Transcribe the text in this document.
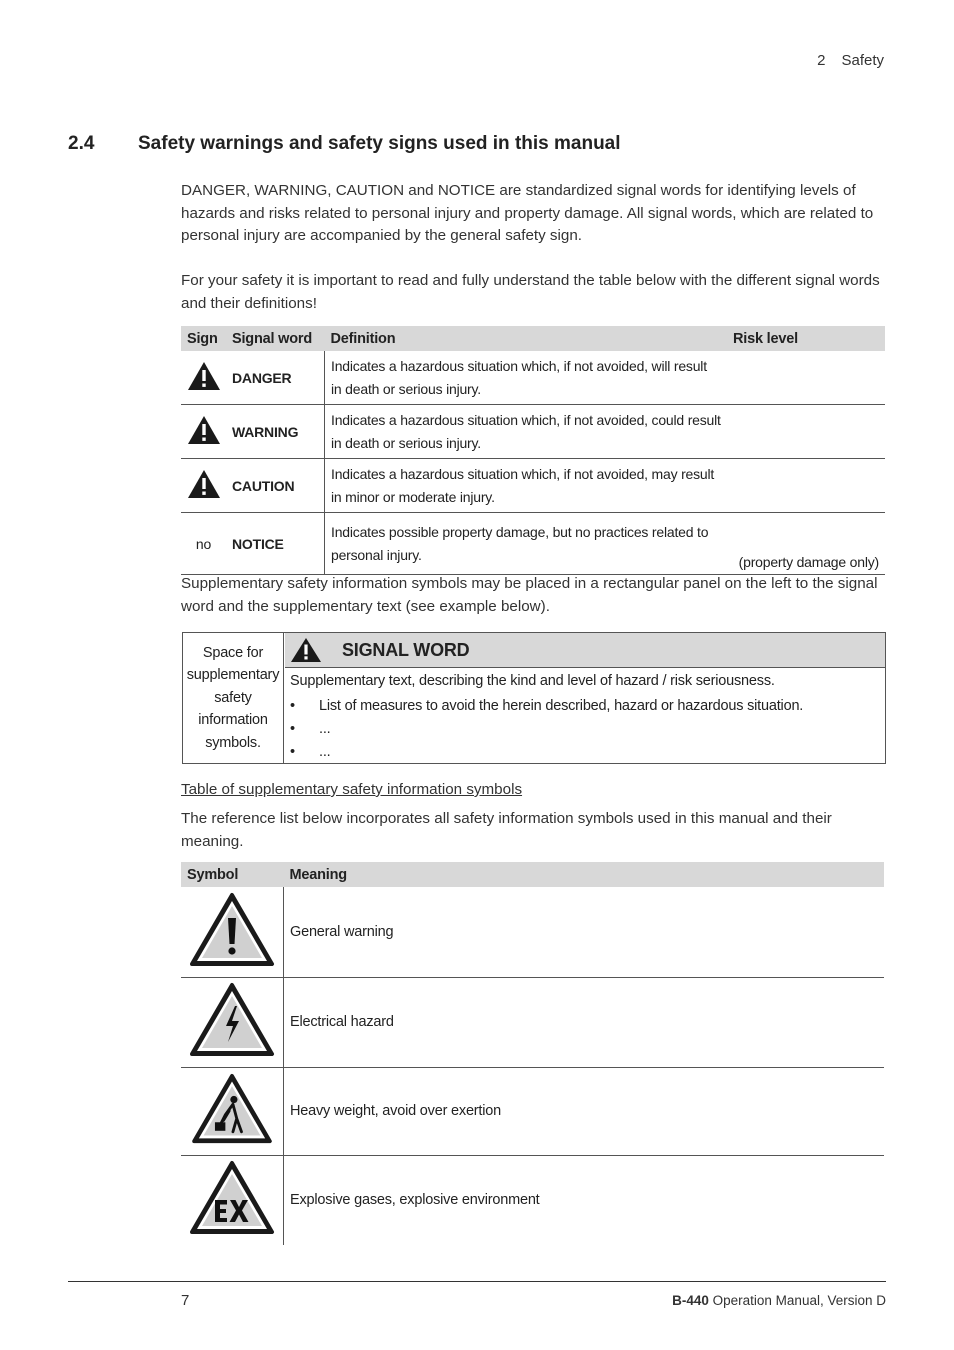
2 Safety
2.4 Safety warnings and safety signs used in this manual
DANGER, WARNING, CAUTION and NOTICE are standardized signal words for identifying levels of hazards and risks related to personal injury and property damage. All signal words, which are related to personal injury are accompanied by the general safety sign.
For your safety it is important to read and fully understand the table below with the different signal words and their definitions!
Sign	Signal word	Definition	Risk level
	DANGER	Indicates a hazardous situation which, if not avoided, will result in death or serious injury.	
	WARNING	Indicates a hazardous situation which, if not avoided, could result in death or serious injury.	
	CAUTION	Indicates a hazardous situation which, if not avoided, may result in minor or moderate injury.	
no	NOTICE	Indicates possible property damage, but no practices related to personal injury.	(property damage only)
Supplementary safety information symbols may be placed in a rectangular panel on the left to the signal word and the supplementary text (see example below).
Space for supplementary safety information symbols.
SIGNAL WORD
Supplementary text, describing the kind and level of hazard / risk seriousness.
• List of measures to avoid the herein described, hazard or hazardous situation.
• ...
• ...
Table of supplementary safety information symbols
The reference list below incorporates all safety information symbols used in this manual and their meaning.
Symbol	Meaning
	General warning
	Electrical hazard
	Heavy weight, avoid over exertion
	Explosive gases, explosive environment
7	B-440 Operation Manual, Version D
